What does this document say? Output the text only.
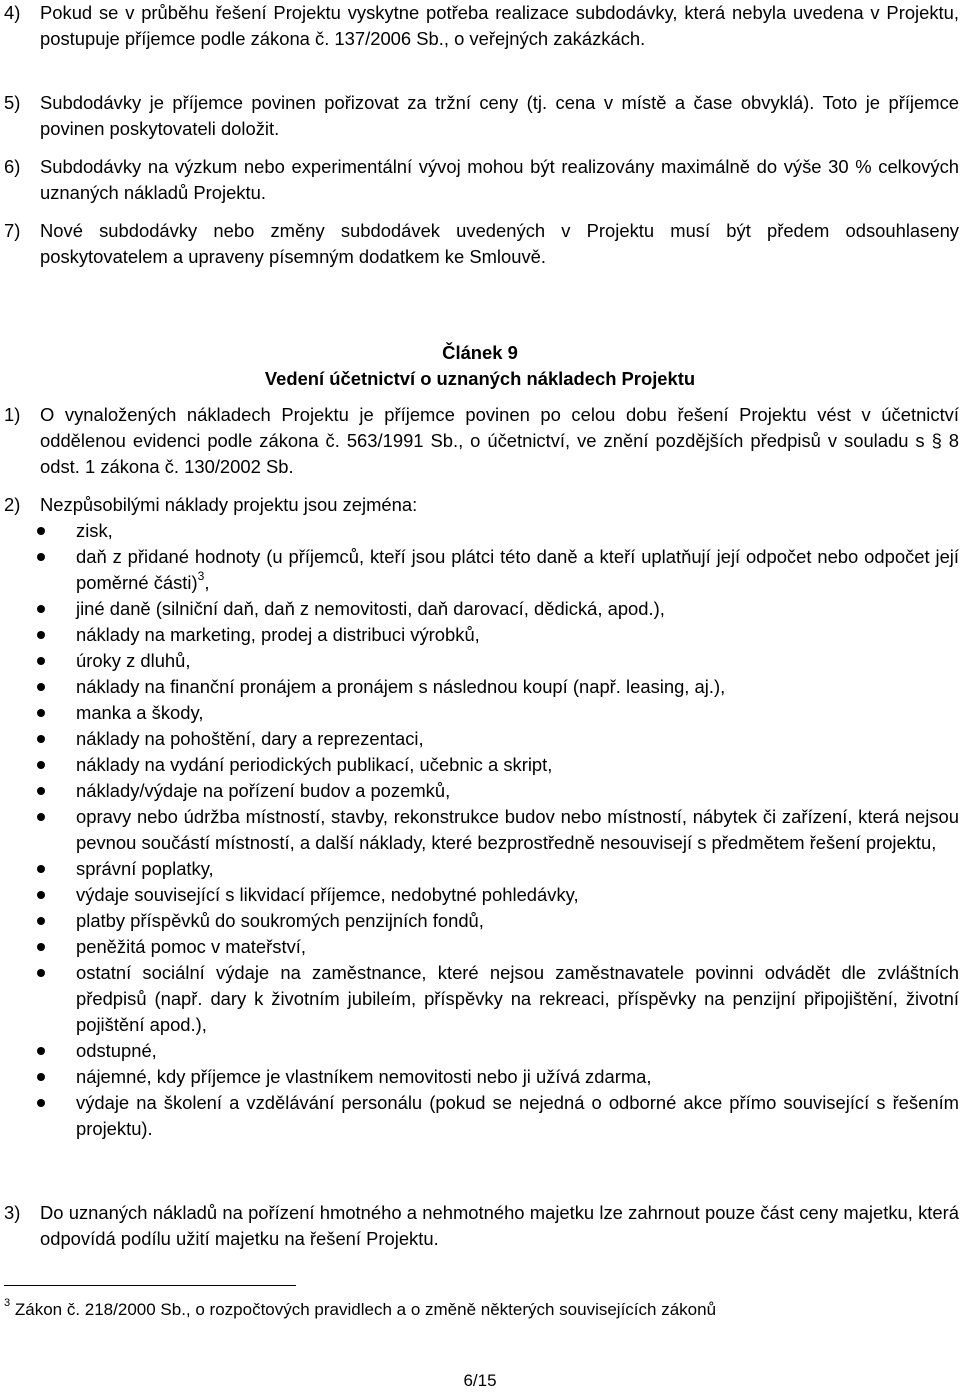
4) Pokud se v průběhu řešení Projektu vyskytne potřeba realizace subdodávky, která nebyla uvedena v Projektu, postupuje příjemce podle zákona č. 137/2006 Sb., o veřejných zakázkách.
5) Subdodávky je příjemce povinen pořizovat za tržní ceny (tj. cena v místě a čase obvyklá). Toto je příjemce povinen poskytovateli doložit.
6) Subdodávky na výzkum nebo experimentální vývoj mohou být realizovány maximálně do výše 30 % celkových uznaných nákladů Projektu.
7) Nové subdodávky nebo změny subdodávek uvedených v Projektu musí být předem odsouhlaseny poskytovatelem a upraveny písemným dodatkem ke Smlouvě.
Článek 9
Vedení účetnictví o uznaných nákladech Projektu
1) O vynaložených nákladech Projektu je příjemce povinen po celou dobu řešení Projektu vést v účetnictví oddělenou evidenci podle zákona č. 563/1991 Sb., o účetnictví, ve znění pozdějších předpisů v souladu s § 8 odst. 1 zákona č. 130/2002 Sb.
2) Nezpůsobilými náklady projektu jsou zejména:
zisk,
daň z přidané hodnoty (u příjemců, kteří jsou plátci této daně a kteří uplatňují její odpočet nebo odpočet její poměrné části)$^3$,
jiné daně (silniční daň, daň z nemovitosti, daň darovací, dědická, apod.),
náklady na marketing, prodej a distribuci výrobků,
úroky z dluhů,
náklady na finanční pronájem a pronájem s následnou koupí (např. leasing, aj.),
manka a škody,
náklady na pohoštění, dary a reprezentaci,
náklady na vydání periodických publikací, učebnic a skript,
náklady/výdaje na pořízení budov a pozemků,
opravy nebo údržba místností, stavby, rekonstrukce budov nebo místností, nábytek či zařízení, která nejsou pevnou součástí místností, a další náklady, které bezprostředně nesouvisejí s předmětem řešení projektu,
správní poplatky,
výdaje související s likvidací příjemce, nedobytné pohledávky,
platby příspěvků do soukromých penzijních fondů,
peněžitá pomoc v mateřství,
ostatní sociální výdaje na zaměstnance, které nejsou zaměstnavatele povinni odvádět dle zvláštních předpisů (např. dary k životním jubileím, příspěvky na rekreaci, příspěvky na penzijní připojištění, životní pojištění apod.),
odstupné,
nájemné, kdy příjemce je vlastníkem nemovitosti nebo ji užívá zdarma,
výdaje na školení a vzdělávání personálu (pokud se nejedná o odborné akce přímo související s řešením projektu).
3) Do uznaných nákladů na pořízení hmotného a nehmotného majetku lze zahrnout pouze část ceny majetku, která odpovídá podílu užití majetku na řešení Projektu.
$^3$ Zákon č. 218/2000 Sb., o rozpočtových pravidlech a o změně některých souvisejících zákonů
6/15
